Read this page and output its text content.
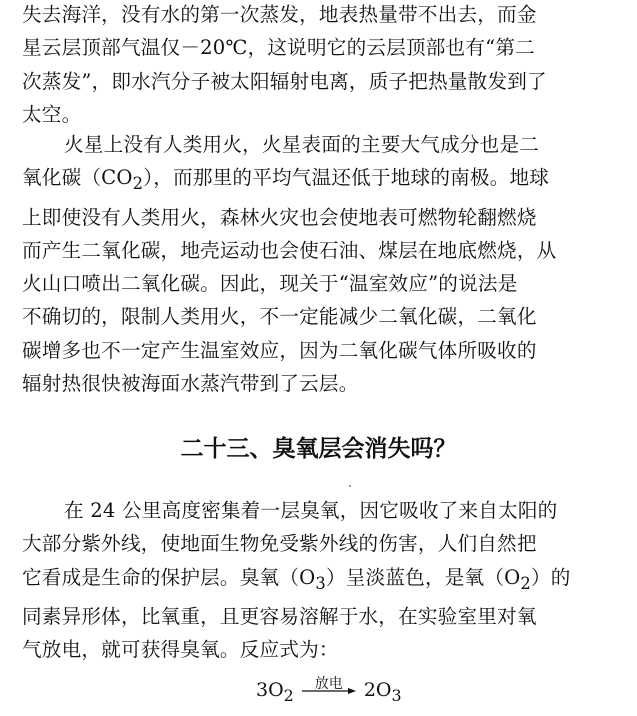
失去海洋，没有水的第一次蒸发，地表热量带不出去，而金
星云层顶部气温仅－20℃，这说明它的云层顶部也有“第二
次蒸发”，即水汽分子被太阳辐射电离，质子把热量散发到了
太空。

火星上没有人类用火，火星表面的主要大气成分也是二
氧化碳$(CO_2)$，而那里的平均气温还低于地球的南极。地球
上即使没有人类用火，森林火灾也会使地表可燃物轮翻燃烧
而产生二氧化碳，地壳运动也会使石油、煤层在地底燃烧，从
火山口喷出二氧化碳。因此，现关于“温室效应”的说法是
不确切的，限制人类用火，不一定能减少二氧化碳，二氧化
碳增多也不一定产生温室效应，因为二氧化碳气体所吸收的
辐射热很快被海面水蒸汽带到了云层。

二十三、臭氧层会消失吗？

在 24 公里高度密集着一层臭氧，因它吸收了来自太阳的
大部分紫外线，使地面生物免受紫外线的伤害，人们自然把
它看成是生命的保护层。臭氧$(O_3)$呈淡蓝色，是氧$(O_2)$的
同素异形体，比氧重，且更容易溶解于水，在实验室里对氧
气放电，就可获得臭氧。反应式为：

$3O_2$
放电	$2O_3$
